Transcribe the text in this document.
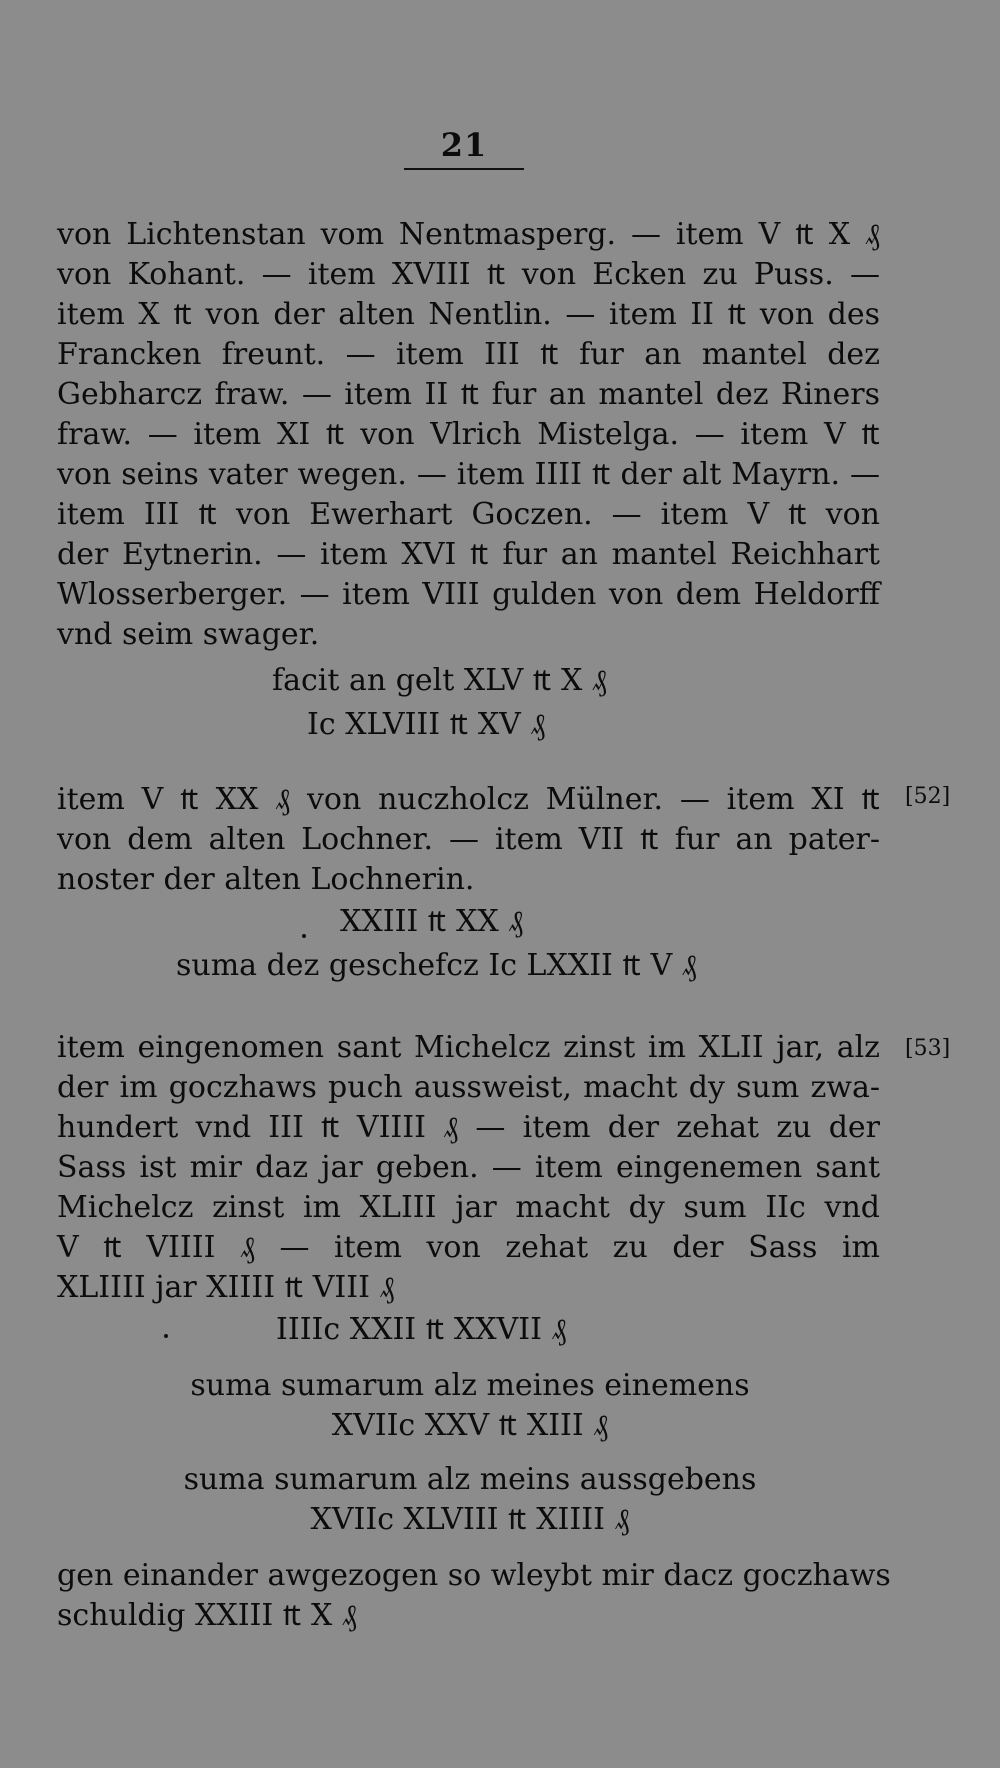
21
von Lichtenstan vom Nentmasperg. — item V ₶ X ₰
von Kohant. — item XVIII ₶ von Ecken zu Puss. —
item X ₶ von der alten Nentlin. — item II ₶ von des
Francken freunt. — item III ₶ fur an mantel dez
Gebharcz fraw. — item II ₶ fur an mantel dez Riners
fraw. — item XI ₶ von Vlrich Mistelga. — item V ₶
von seins vater wegen. — item IIII ₶ der alt Mayrn. —
item III ₶ von Ewerhart Goczen. — item V ₶ von
der Eytnerin. — item XVI ₶ fur an mantel Reichhart
Wlosserberger. — item VIII gulden von dem Heldorff
vnd seim swager.
facit an gelt XLV ₶ X ₰
Ic XLVIII ₶ XV ₰
item V ₶ XX ₰ von nuczholcz Mülner. — item XI ₶ [52]
von dem alten Lochner. — item VII ₶ fur an pater-
noster der alten Lochnerin.
XXIII ₶ XX ₰
suma dez geschefcz Ic LXXII ₶ V ₰
item eingenomen sant Michelcz zinst im XLII jar, alz [53]
der im goczhaws puch aussweist, macht dy sum zwa-
hundert vnd III ₶ VIIII ₰ — item der zehat zu der
Sass ist mir daz jar geben. — item eingenemen sant
Michelcz zinst im XLIII jar macht dy sum IIc vnd
V ₶ VIIII ₰ — item von zehat zu der Sass im
XLIIII jar XIIII ₶ VIII ₰
IIIIc XXII ₶ XXVII ₰
suma sumarum alz meines einemens
XVIIc XXV ₶ XIII ₰
suma sumarum alz meins aussgebens
XVIIc XLVIII ₶ XIIII ₰
gen einander awgezogen so wleybt mir dacz goczhaws
schuldig XXIII ₶ X ₰
